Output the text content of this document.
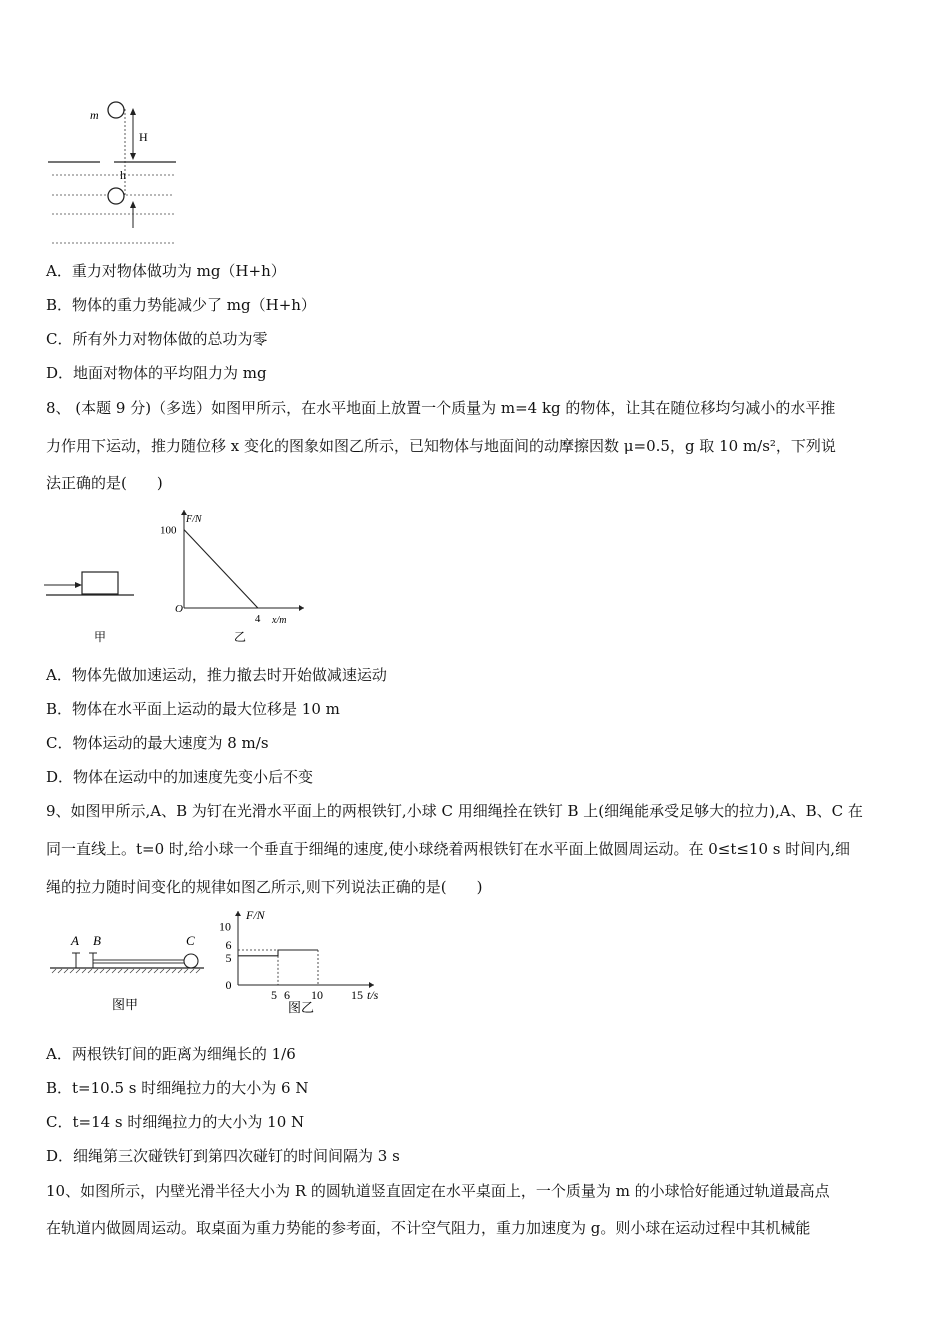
m
H
h
A．重力对物体做功为 mg（H+h）
B．物体的重力势能减少了 mg（H+h）
C．所有外力对物体做的总功为零
D．地面对物体的平均阻力为 mg
8、 (本题 9 分)（多选）如图甲所示，在水平地面上放置一个质量为 m=4 kg 的物体，让其在随位移均匀减小的水平推
力作用下运动，推力随位移 x 变化的图象如图乙所示，已知物体与地面间的动摩擦因数 μ=0.5，g 取 10 m/s²，下列说
法正确的是(　　)
甲
100
O
4
F/N
x/m
乙
A．物体先做加速运动，推力撤去时开始做减速运动
B．物体在水平面上运动的最大位移是 10 m
C．物体运动的最大速度为 8 m/s
D．物体在运动中的加速度先变小后不变
9、如图甲所示,A、B 为钉在光滑水平面上的两根铁钉,小球 C 用细绳拴在铁钉 B 上(细绳能承受足够大的拉力),A、B、C 在
同一直线上。t=0 时,给小球一个垂直于细绳的速度,使小球绕着两根铁钉在水平面上做圆周运动。在 0≤t≤10 s 时间内,细
绳的拉力随时间变化的规律如图乙所示,则下列说法正确的是(　　)
A B	C
图甲
0
5
6
10
5 6 10 15
F/N
t/s
图乙
A．两根铁钉间的距离为细绳长的 1/6
B．t=10.5 s 时细绳拉力的大小为 6 N
C．t=14 s 时细绳拉力的大小为 10 N
D．细绳第三次碰铁钉到第四次碰钉的时间间隔为 3 s
10、如图所示，内壁光滑半径大小为 R 的圆轨道竖直固定在水平桌面上，一个质量为 m 的小球恰好能通过轨道最高点
在轨道内做圆周运动。取桌面为重力势能的参考面，不计空气阻力，重力加速度为 g。则小球在运动过程中其机械能
